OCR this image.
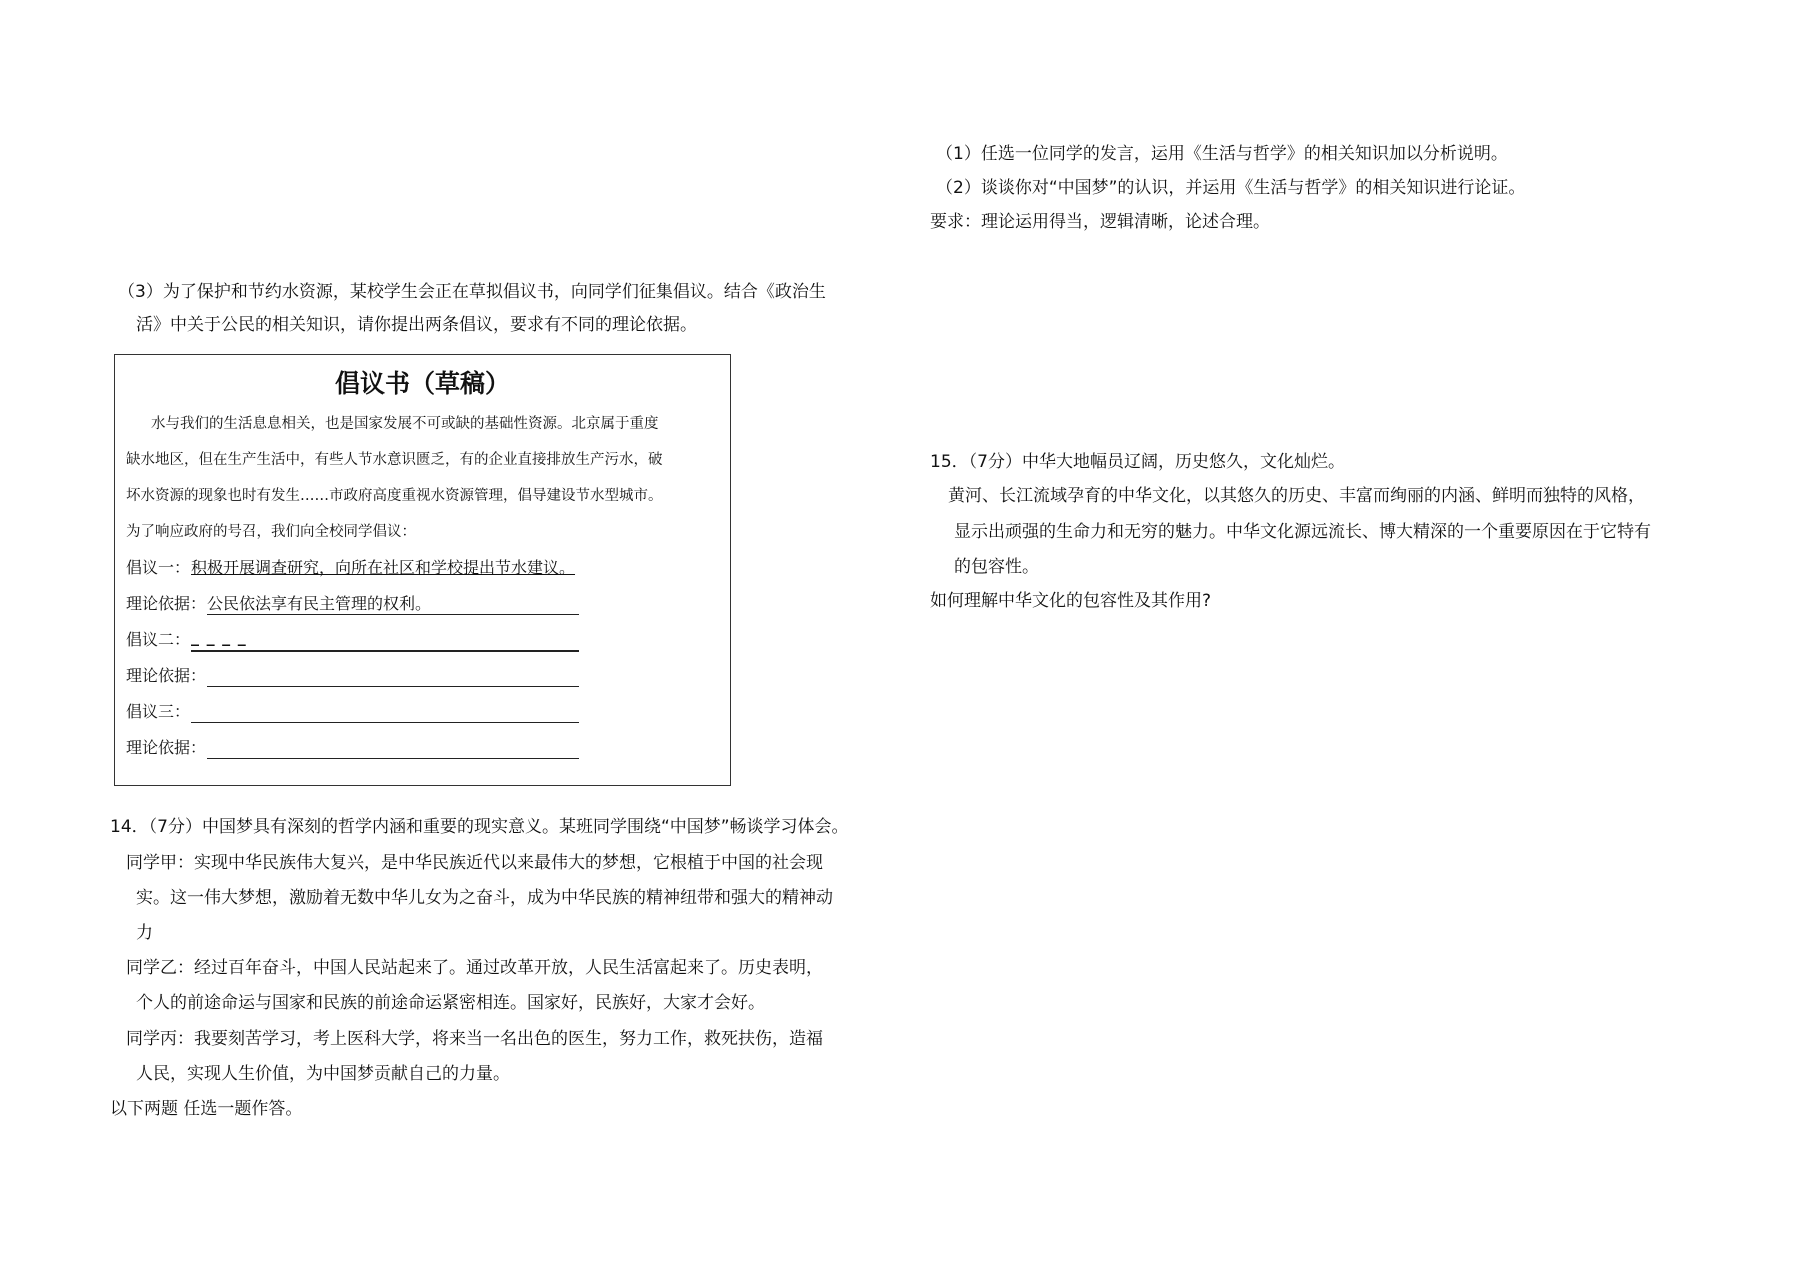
（3）为了保护和节约水资源，某校学生会正在草拟倡议书，向同学们征集倡议。结合《政治生
活》中关于公民的相关知识，请你提出两条倡议，要求有不同的理论依据。
倡议书（草稿）
水与我们的生活息息相关，也是国家发展不可或缺的基础性资源。北京属于重度
缺水地区，但在生产生活中，有些人节水意识匮乏，有的企业直接排放生产污水，破
坏水资源的现象也时有发生……市政府高度重视水资源管理，倡导建设节水型城市。
为了响应政府的号召，我们向全校同学倡议：
倡议一： 积极开展调查研究，向所在社区和学校提出节水建议。
理论依据： 公民依法享有民主管理的权利。
倡议二： _ _ _ _
理论依据：
倡议三：
理论依据：
14．（7分）中国梦具有深刻的哲学内涵和重要的现实意义。某班同学围绕“中国梦”畅谈学习体会。
同学甲：实现中华民族伟大复兴，是中华民族近代以来最伟大的梦想，它根植于中国的社会现
实。这一伟大梦想，激励着无数中华儿女为之奋斗，成为中华民族的精神纽带和强大的精神动
力
同学乙：经过百年奋斗，中国人民站起来了。通过改革开放，人民生活富起来了。历史表明，
个人的前途命运与国家和民族的前途命运紧密相连。国家好，民族好，大家才会好。
同学丙：我要刻苦学习，考上医科大学，将来当一名出色的医生，努力工作，救死扶伤，造福
人民，实现人生价值，为中国梦贡献自己的力量。
以下两题 任选一题作答。
（1）任选一位同学的发言，运用《生活与哲学》的相关知识加以分析说明。
（2）谈谈你对“中国梦”的认识，并运用《生活与哲学》的相关知识进行论证。
要求：理论运用得当，逻辑清晰，论述合理。
15．（7分）中华大地幅员辽阔，历史悠久，文化灿烂。
黄河、长江流域孕育的中华文化，以其悠久的历史、丰富而绚丽的内涵、鲜明而独特的风格，
显示出顽强的生命力和无穷的魅力。中华文化源远流长、博大精深的一个重要原因在于它特有
的包容性。
如何理解中华文化的包容性及其作用?
